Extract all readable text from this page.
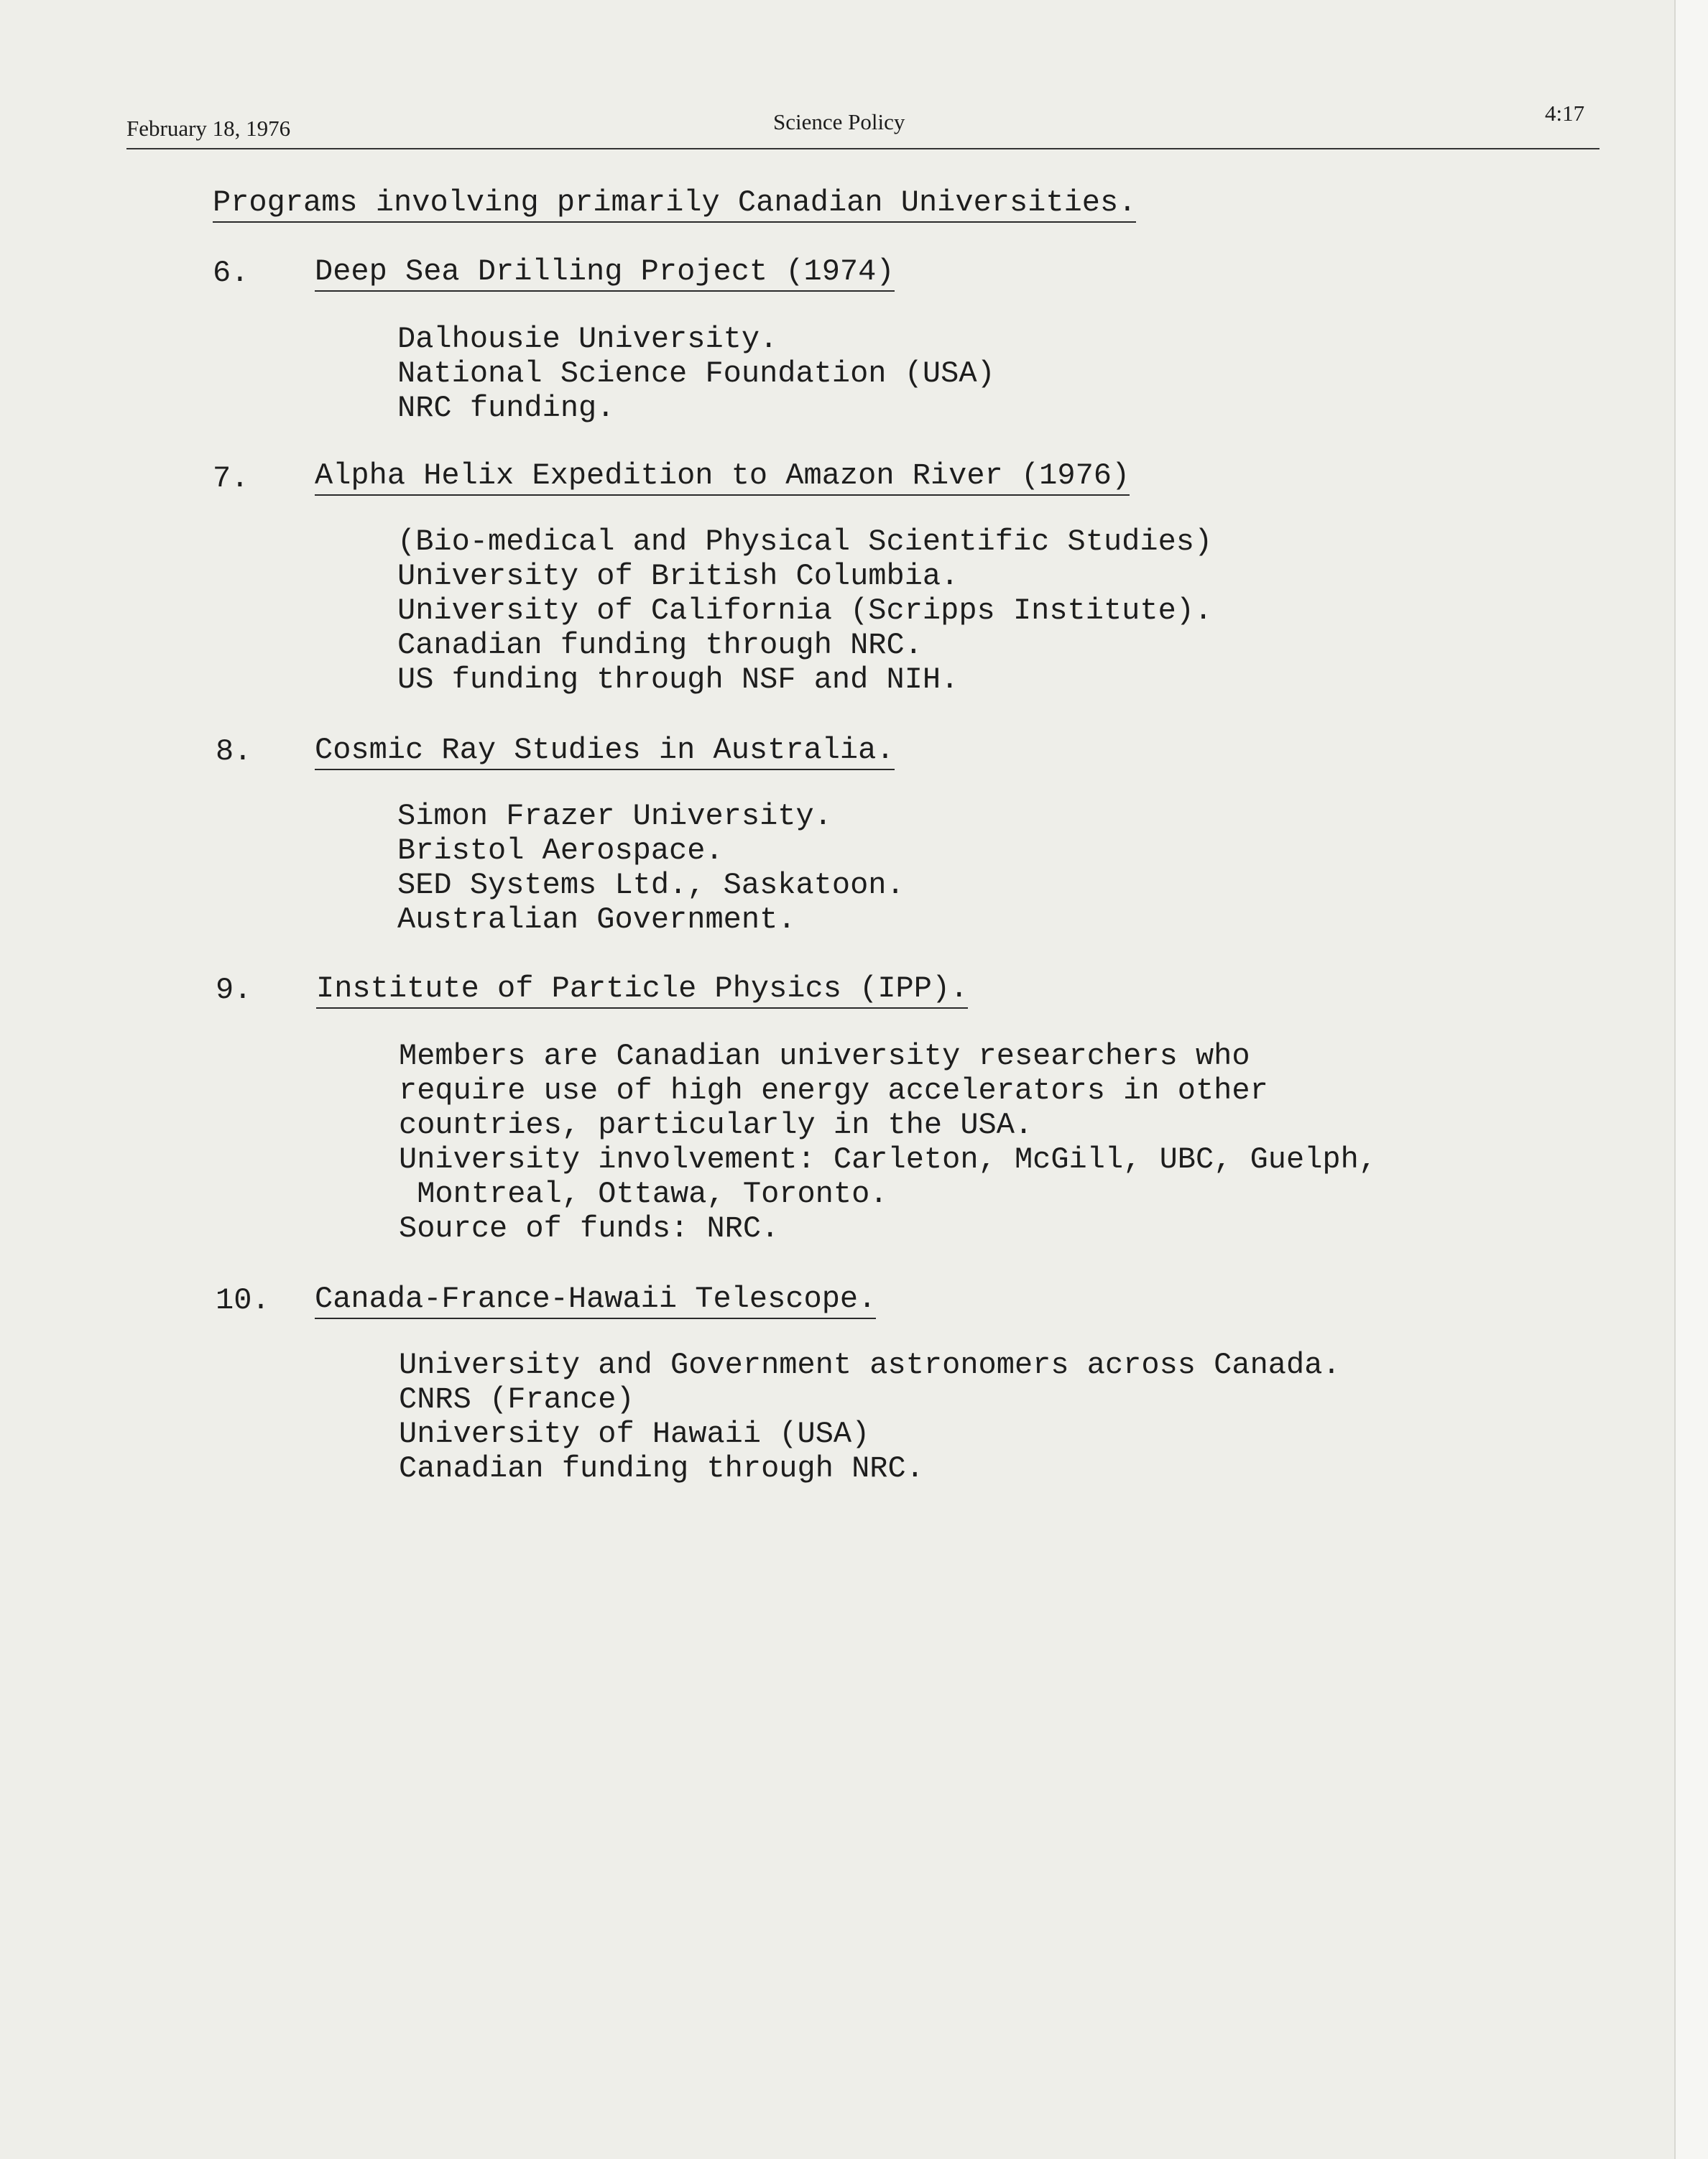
February 18, 1976	Science Policy	4:17

Programs involving primarily Canadian Universities.

6.

Deep Sea Drilling Project (1974)

Dalhousie University.

National Science Foundation (USA)

NRC funding.

7.

Alpha Helix Expedition to Amazon River (1976)

(Bio-medical and Physical Scientific Studies)

University of British Columbia.

University of California (Scripps Institute).

Canadian funding through NRC.

US funding through NSF and NIH.

8.

Cosmic Ray Studies in Australia.

Simon Frazer University.

Bristol Aerospace.

SED Systems Ltd., Saskatoon.

Australian Government.

9.

Institute of Particle Physics (IPP).

Members are Canadian university researchers who

require use of high energy accelerators in other

countries, particularly in the USA.

University involvement: Carleton, McGill, UBC, Guelph,

Montreal, Ottawa, Toronto.

Source of funds: NRC.

10.

Canada-France-Hawaii Telescope.

University and Government astronomers across Canada.

CNRS (France)

University of Hawaii (USA)

Canadian funding through NRC.
